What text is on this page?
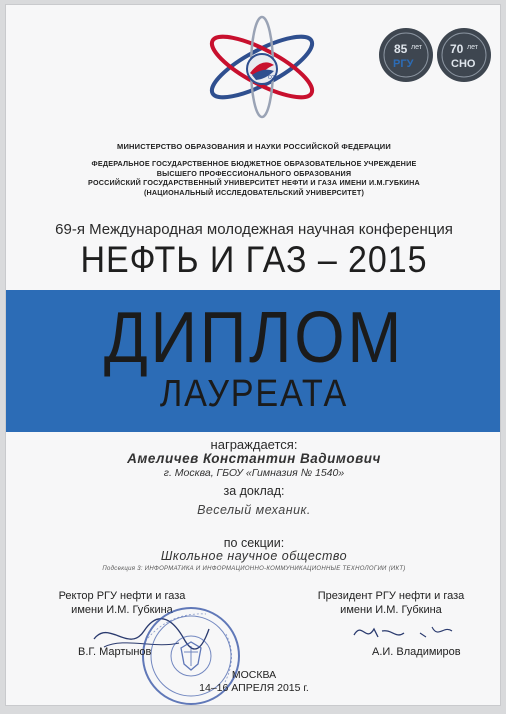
ОЗНУ
85 лет
РГУ
70 лет
СНО
МИНИСТЕРСТВО ОБРАЗОВАНИЯ И НАУКИ РОССИЙСКОЙ ФЕДЕРАЦИИ
ФЕДЕРАЛЬНОЕ ГОСУДАРСТВЕННОЕ БЮДЖЕТНОЕ ОБРАЗОВАТЕЛЬНОЕ УЧРЕЖДЕНИЕ
ВЫСШЕГО ПРОФЕССИОНАЛЬНОГО ОБРАЗОВАНИЯ
РОССИЙСКИЙ ГОСУДАРСТВЕННЫЙ УНИВЕРСИТЕТ НЕФТИ И ГАЗА ИМЕНИ И.М.ГУБКИНА
(НАЦИОНАЛЬНЫЙ ИССЛЕДОВАТЕЛЬСКИЙ УНИВЕРСИТЕТ)
69-я Международная молодежная научная конференция
НЕФТЬ И ГАЗ – 2015
ДИПЛОМ
ЛАУРЕАТА
награждается:
Амеличев Константин Вадимович
г. Москва, ГБОУ «Гимназия № 1540»
за доклад:
Веселый механик.
по секции:
Школьное научное общество
Подсекция 3: ИНФОРМАТИКА И ИНФОРМАЦИОННО-КОММУНИКАЦИОННЫЕ ТЕХНОЛОГИИ (ИКТ)
Ректор РГУ нефти и газа
имени И.М. Губкина
Президент РГУ нефти и газа
имени И.М. Губкина
В.Г. Мартынов	А.И. Владимиров
МОСКВА
14–16 АПРЕЛЯ 2015 г.
